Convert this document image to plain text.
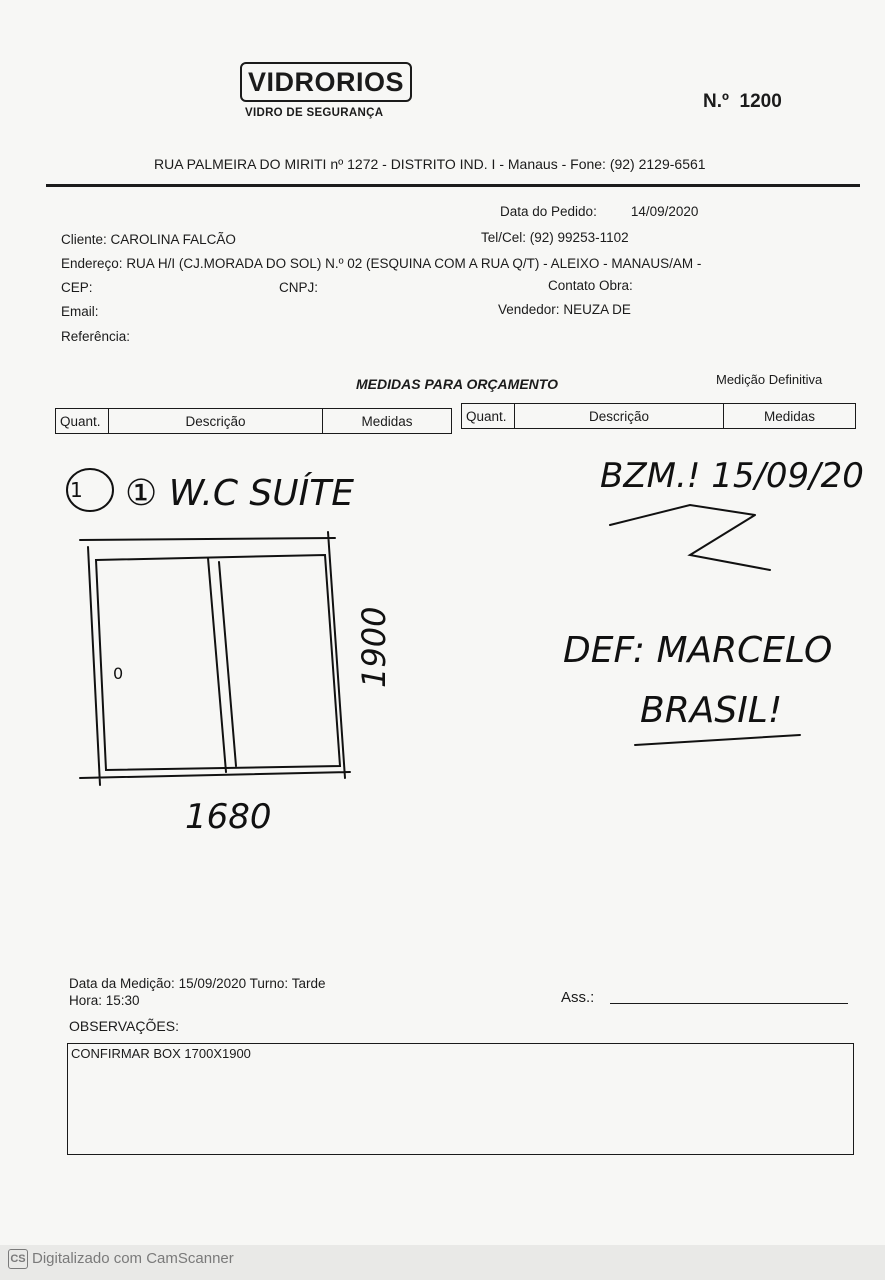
VIDRORIOS
VIDRO DE SEGURANÇA
N.º 1200
RUA PALMEIRA DO MIRITI nº 1272 - DISTRITO IND. I - Manaus - Fone: (92) 2129-6561
Data do Pedido:	14/09/2020
Cliente: CAROLINA FALCÃO	Tel/Cel: (92) 99253-1102
Endereço: RUA H/I (CJ.MORADA DO SOL) N.º 02 (ESQUINA COM A RUA Q/T) - ALEIXO - MANAUS/AM -
CEP:	CNPJ:	Contato Obra:
Email:	Vendedor: NEUZA DE
Referência:
MEDIDAS PARA ORÇAMENTO	Medição Definitiva
Quant.	Descrição	Medidas	Quant.	Descrição	Medidas
1 ① W.C SUÍTE	BZM.! 15/09/20
DEF: MARCELO
BRASIL!
1680
1900
0
Data da Medição: 15/09/2020 Turno: Tarde
Hora: 15:30	Ass.:
OBSERVAÇÕES:
CONFIRMAR BOX 1700X1900
CS Digitalizado com CamScanner
